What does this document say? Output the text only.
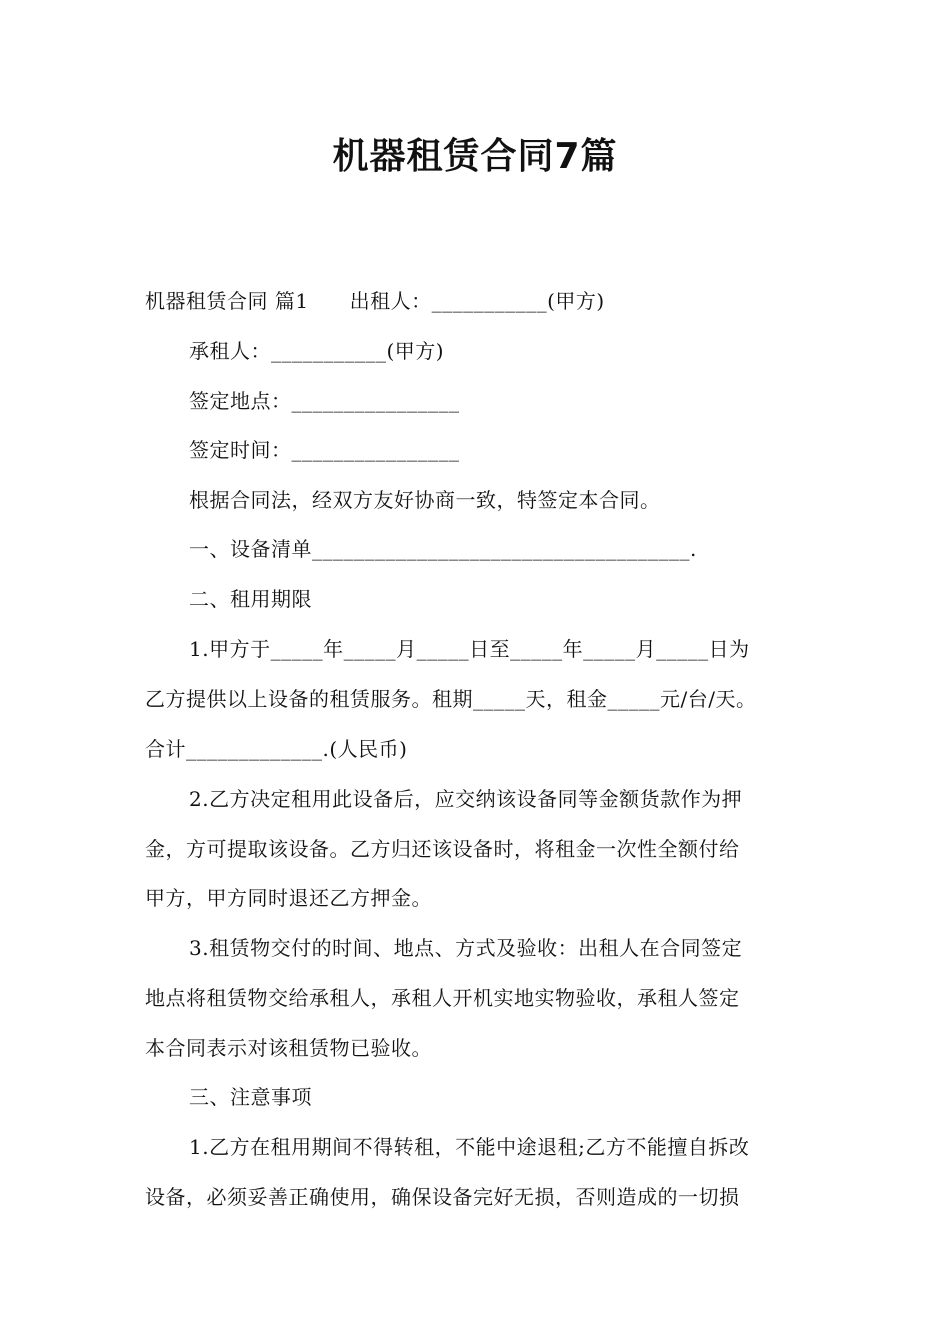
机器租赁合同7篇
机器租赁合同 篇1　　出租人：___________(甲方)
承租人：___________(甲方)
签定地点：________________
签定时间：________________
根据合同法，经双方友好协商一致，特签定本合同。
一、设备清单____________________________________.
二、租用期限
1.甲方于_____年_____月_____日至_____年_____月_____日为
乙方提供以上设备的租赁服务。租期_____天，租金_____元/台/天。
合计_____________.(人民币)
2.乙方决定租用此设备后，应交纳该设备同等金额货款作为押
金，方可提取该设备。乙方归还该设备时，将租金一次性全额付给
甲方，甲方同时退还乙方押金。
3.租赁物交付的时间、地点、方式及验收：出租人在合同签定
地点将租赁物交给承租人，承租人开机实地实物验收，承租人签定
本合同表示对该租赁物已验收。
三、注意事项
1.乙方在租用期间不得转租，不能中途退租;乙方不能擅自拆改
设备，必须妥善正确使用，确保设备完好无损，否则造成的一切损
